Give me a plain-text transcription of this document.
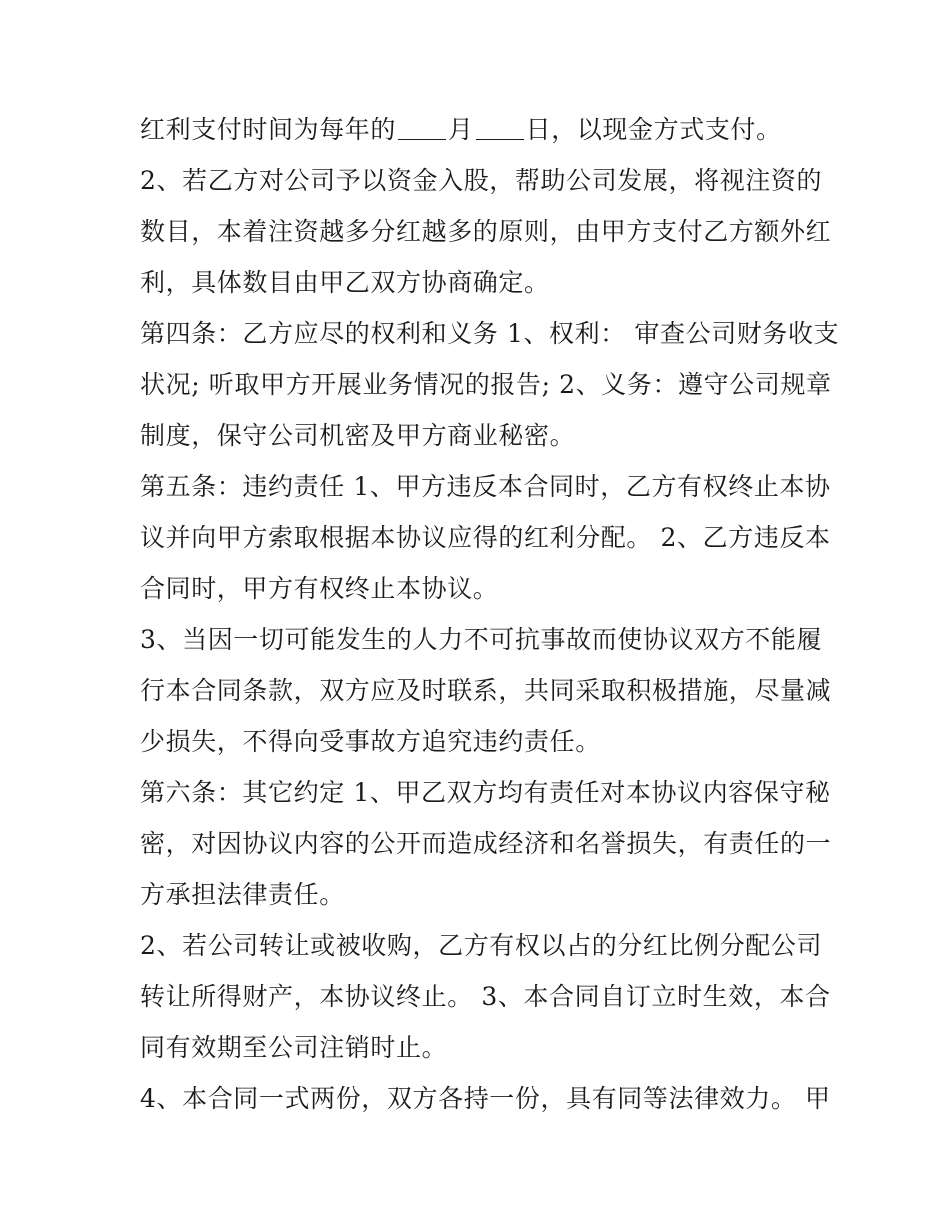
红利支付时间为每年的 月 日，以现金方式支付。
2、若乙方对公司予以资金入股，帮助公司发展，将视注资的
数目，本着注资越多分红越多的原则，由甲方支付乙方额外红
利，具体数目由甲乙双方协商确定。
第四条：乙方应尽的权利和义务 1、权利： 审查公司财务收支
状况; 听取甲方开展业务情况的报告; 2、义务：遵守公司规章
制度，保守公司机密及甲方商业秘密。
第五条：违约责任 1、甲方违反本合同时，乙方有权终止本协
议并向甲方索取根据本协议应得的红利分配。 2、乙方违反本
合同时，甲方有权终止本协议。
3、当因一切可能发生的人力不可抗事故而使协议双方不能履
行本合同条款，双方应及时联系，共同采取积极措施，尽量减
少损失，不得向受事故方追究违约责任。
第六条：其它约定 1、甲乙双方均有责任对本协议内容保守秘
密，对因协议内容的公开而造成经济和名誉损失，有责任的一
方承担法律责任。
2、若公司转让或被收购，乙方有权以占的分红比例分配公司
转让所得财产，本协议终止。 3、本合同自订立时生效，本合
同有效期至公司注销时止。
4、本合同一式两份，双方各持一份，具有同等法律效力。 甲
